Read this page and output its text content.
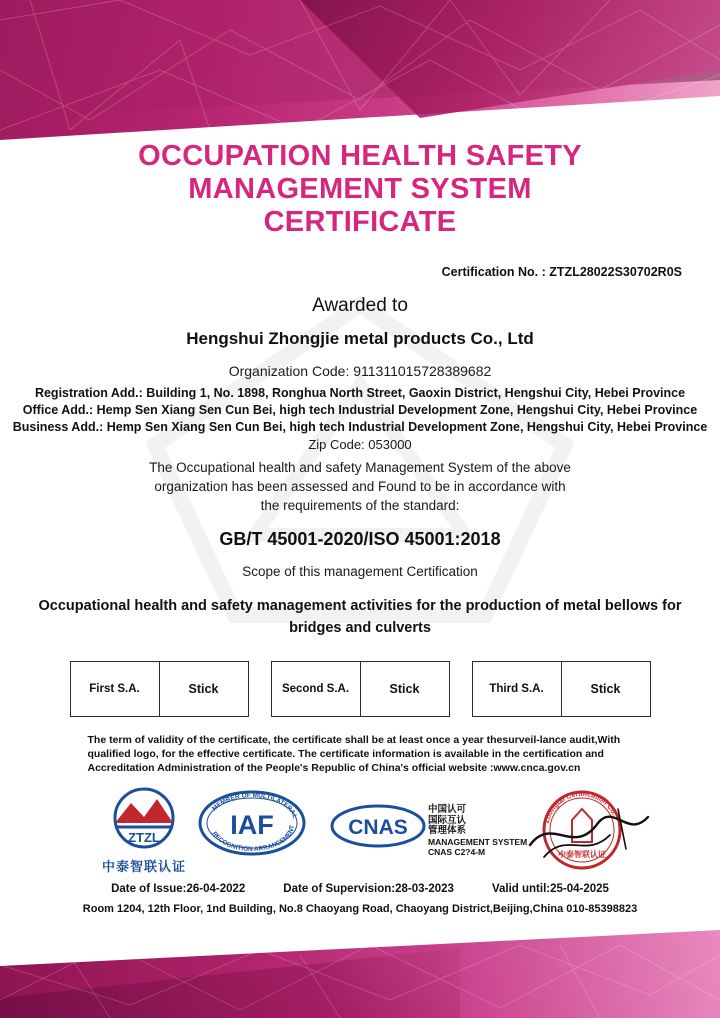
OCCUPATION HEALTH SAFETY
MANAGEMENT SYSTEM
CERTIFICATE
Certification No. : ZTZL28022S30702R0S
Awarded to
Hengshui Zhongjie metal products Co., Ltd
Organization Code: 911311015728389682
Registration Add.: Building 1, No. 1898, Ronghua North Street, Gaoxin District, Hengshui City, Hebei Province
Office Add.: Hemp Sen Xiang Sen Cun Bei, high tech Industrial Development Zone, Hengshui City, Hebei Province
Business Add.: Hemp Sen Xiang Sen Cun Bei, high tech Industrial Development Zone, Hengshui City, Hebei Province
Zip Code: 053000
The Occupational health and safety Management System of the above
organization has been assessed and Found to be in accordance with
the requirements of the standard:
GB/T 45001-2020/ISO 45001:2018
Scope of this management Certification
Occupational health and safety management activities for the production of metal bellows for bridges and culverts
First S.A.	Stick	Second S.A.	Stick	Third S.A.	Stick
The term of validity of the certificate, the certificate shall be at least once a year thesurveil-lance audit,With
qualified logo, for the effective certificate. The certificate information is available in the certification and
Accreditation Administration of the People's Republic of China's official website :www.cnca.gov.cn
ZTZL
中泰智联认证
IAF
MEMBER OF MULTILATERAL
RECOGNITION ARRANGEMENT CNAS
中国认可
国际互认
管理体系
MANAGEMENT SYSTEM
CNAS C2?4-M
Zhongtai Certification Co.
中泰智联认证
Date of Issue:26-04-2022	Date of Supervision:28-03-2023	Valid until:25-04-2025
Room 1204, 12th Floor, 1nd Building, No.8 Chaoyang Road, Chaoyang District,Beijing,China 010-85398823
